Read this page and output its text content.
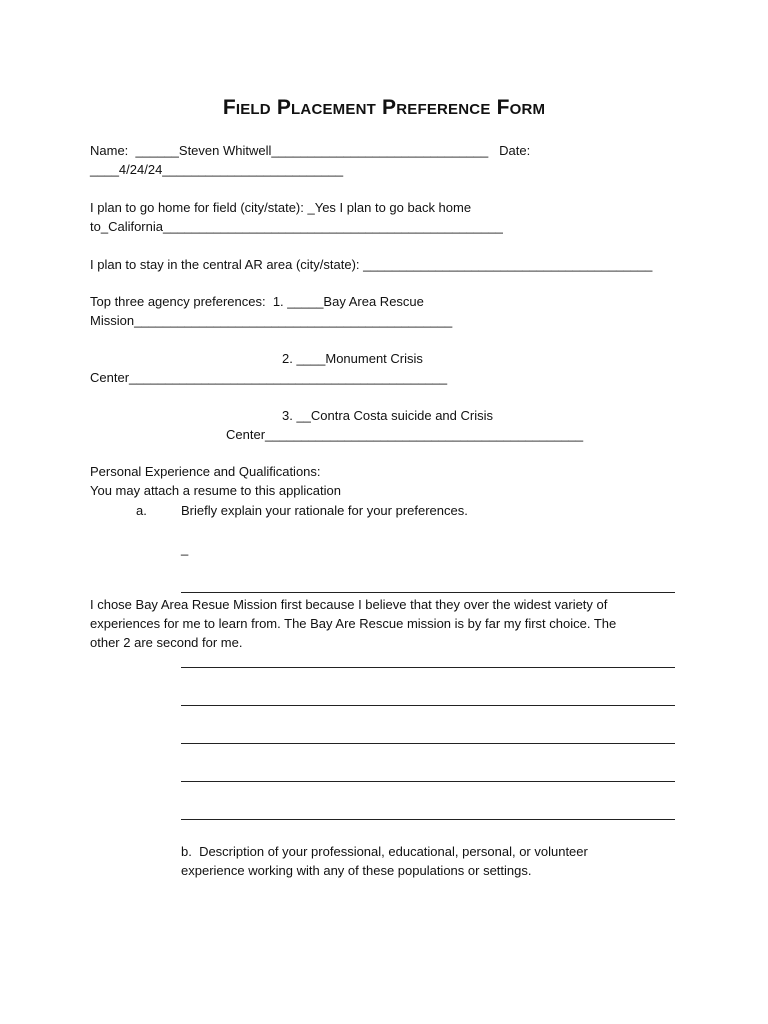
Field Placement Preference Form
Name:  ______Steven Whitwell______________________________   Date:
____4/24/24_________________________
I plan to go home for field (city/state): _Yes I plan to go back home
to_California_______________________________________________
I plan to stay in the central AR area (city/state): ________________________________________
Top three agency preferences:  1. _____Bay Area Rescue
Mission____________________________________________
2. ____Monument Crisis
Center____________________________________________
3. __Contra Costa suicide and Crisis
Center____________________________________________
Personal Experience and Qualifications:
You may attach a resume to this application
a.	Briefly explain your rationale for your preferences.
_
I chose Bay Area Resue Mission first because I believe that they over the widest variety of
experiences for me to learn from. The Bay Are Rescue mission is by far my first choice. The
other 2 are second for me.
b.  Description of your professional, educational, personal, or volunteer
experience working with any of these populations or settings.
